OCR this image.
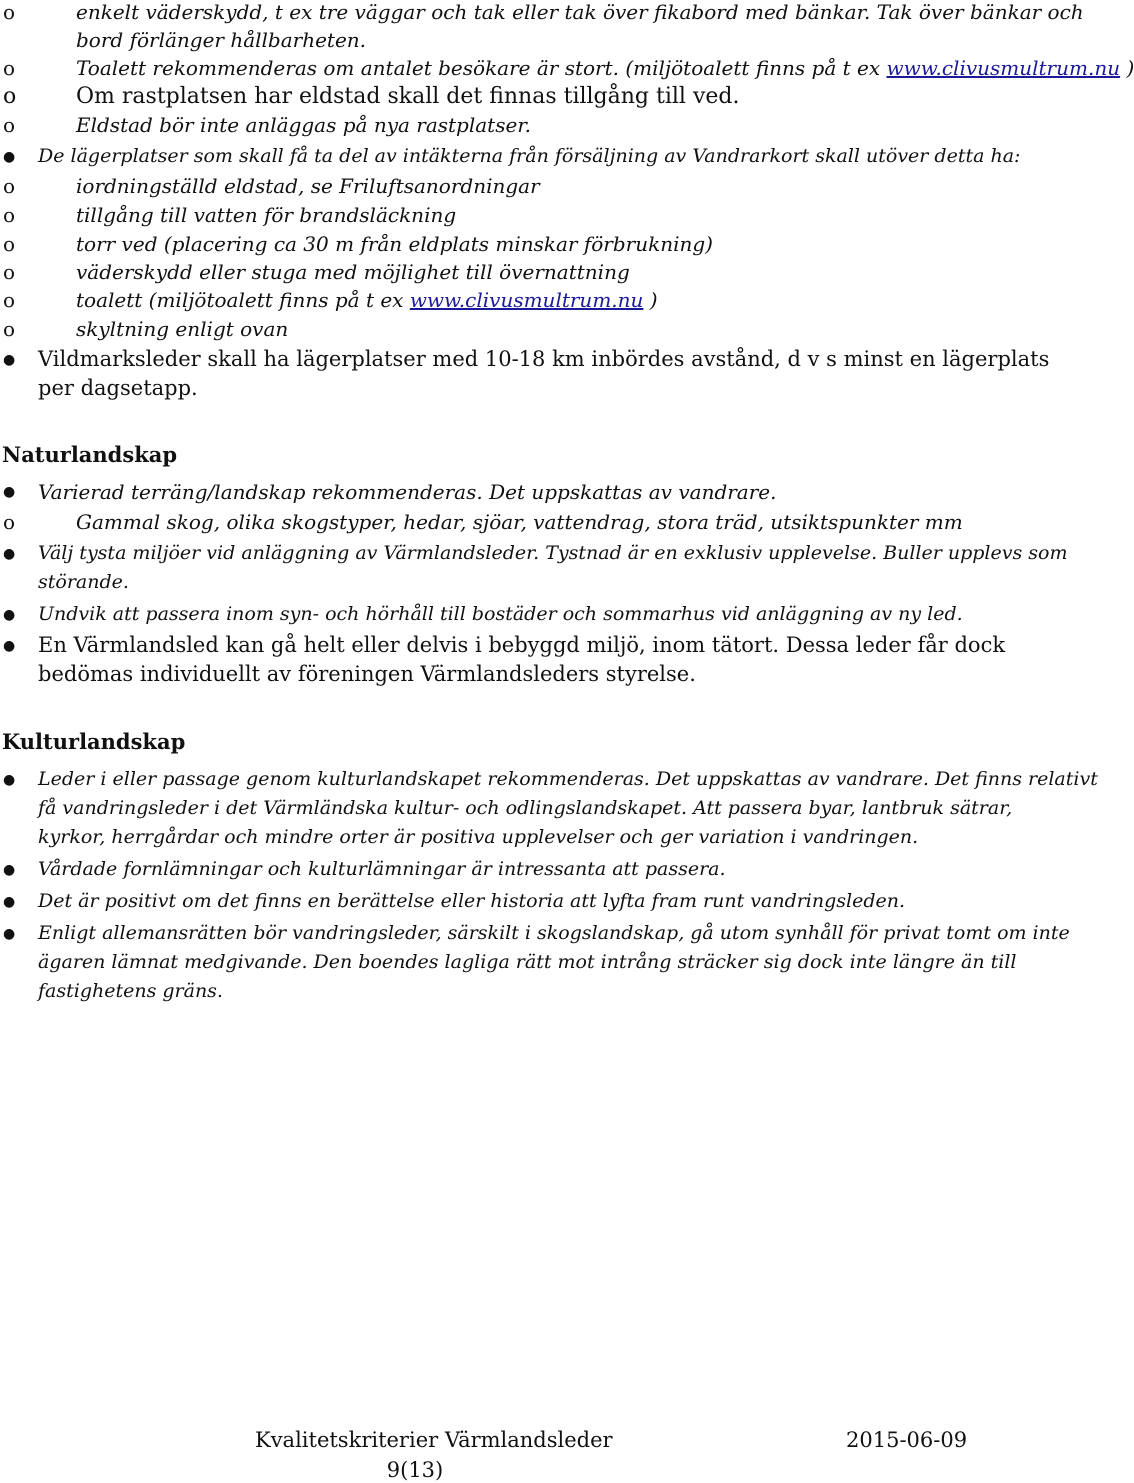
o	enkelt väderskydd, t ex tre väggar och tak eller tak över fikabord med bänkar. Tak över bänkar och
bord förlänger hållbarheten.
o	Toalett rekommenderas om antalet besökare är stort. (miljötoalett finns på t ex www.clivusmultrum.nu )
o	Om rastplatsen har eldstad skall det finnas tillgång till ved.
o	Eldstad bör inte anläggas på nya rastplatser.
● De lägerplatser som skall få ta del av intäkterna från försäljning av Vandrarkort skall utöver detta ha:
o	iordningställd eldstad, se Friluftsanordningar
o	tillgång till vatten för brandsläckning
o	torr ved (placering ca 30 m från eldplats minskar förbrukning)
o	väderskydd eller stuga med möjlighet till övernattning
o	toalett (miljötoalett finns på t ex www.clivusmultrum.nu )
o	skyltning enligt ovan
● Vildmarksleder skall ha lägerplatser med 10-18 km inbördes avstånd, d v s minst en lägerplats
per dagsetapp.
Naturlandskap
● Varierad terräng/landskap rekommenderas. Det uppskattas av vandrare.
o	Gammal skog, olika skogstyper, hedar, sjöar, vattendrag, stora träd, utsiktspunkter mm
● Välj tysta miljöer vid anläggning av Värmlandsleder. Tystnad är en exklusiv upplevelse. Buller upplevs som
störande.
● Undvik att passera inom syn- och hörhåll till bostäder och sommarhus vid anläggning av ny led.
● En Värmlandsled kan gå helt eller delvis i bebyggd miljö, inom tätort. Dessa leder får dock
bedömas individuellt av föreningen Värmlandsleders styrelse.
Kulturlandskap
● Leder i eller passage genom kulturlandskapet rekommenderas. Det uppskattas av vandrare. Det finns relativt
få vandringsleder i det Värmländska kultur- och odlingslandskapet. Att passera byar, lantbruk sätrar,
kyrkor, herrgårdar och mindre orter är positiva upplevelser och ger variation i vandringen.
● Vårdade fornlämningar och kulturlämningar är intressanta att passera.
● Det är positivt om det finns en berättelse eller historia att lyfta fram runt vandringsleden.
● Enligt allemansrätten bör vandringsleder, särskilt i skogslandskap, gå utom synhåll för privat tomt om inte
ägaren lämnat medgivande. Den boendes lagliga rätt mot intrång sträcker sig dock inte längre än till
fastighetens gräns.
Kvalitetskriterier Värmlandsleder	2015-06-09
9(13)
